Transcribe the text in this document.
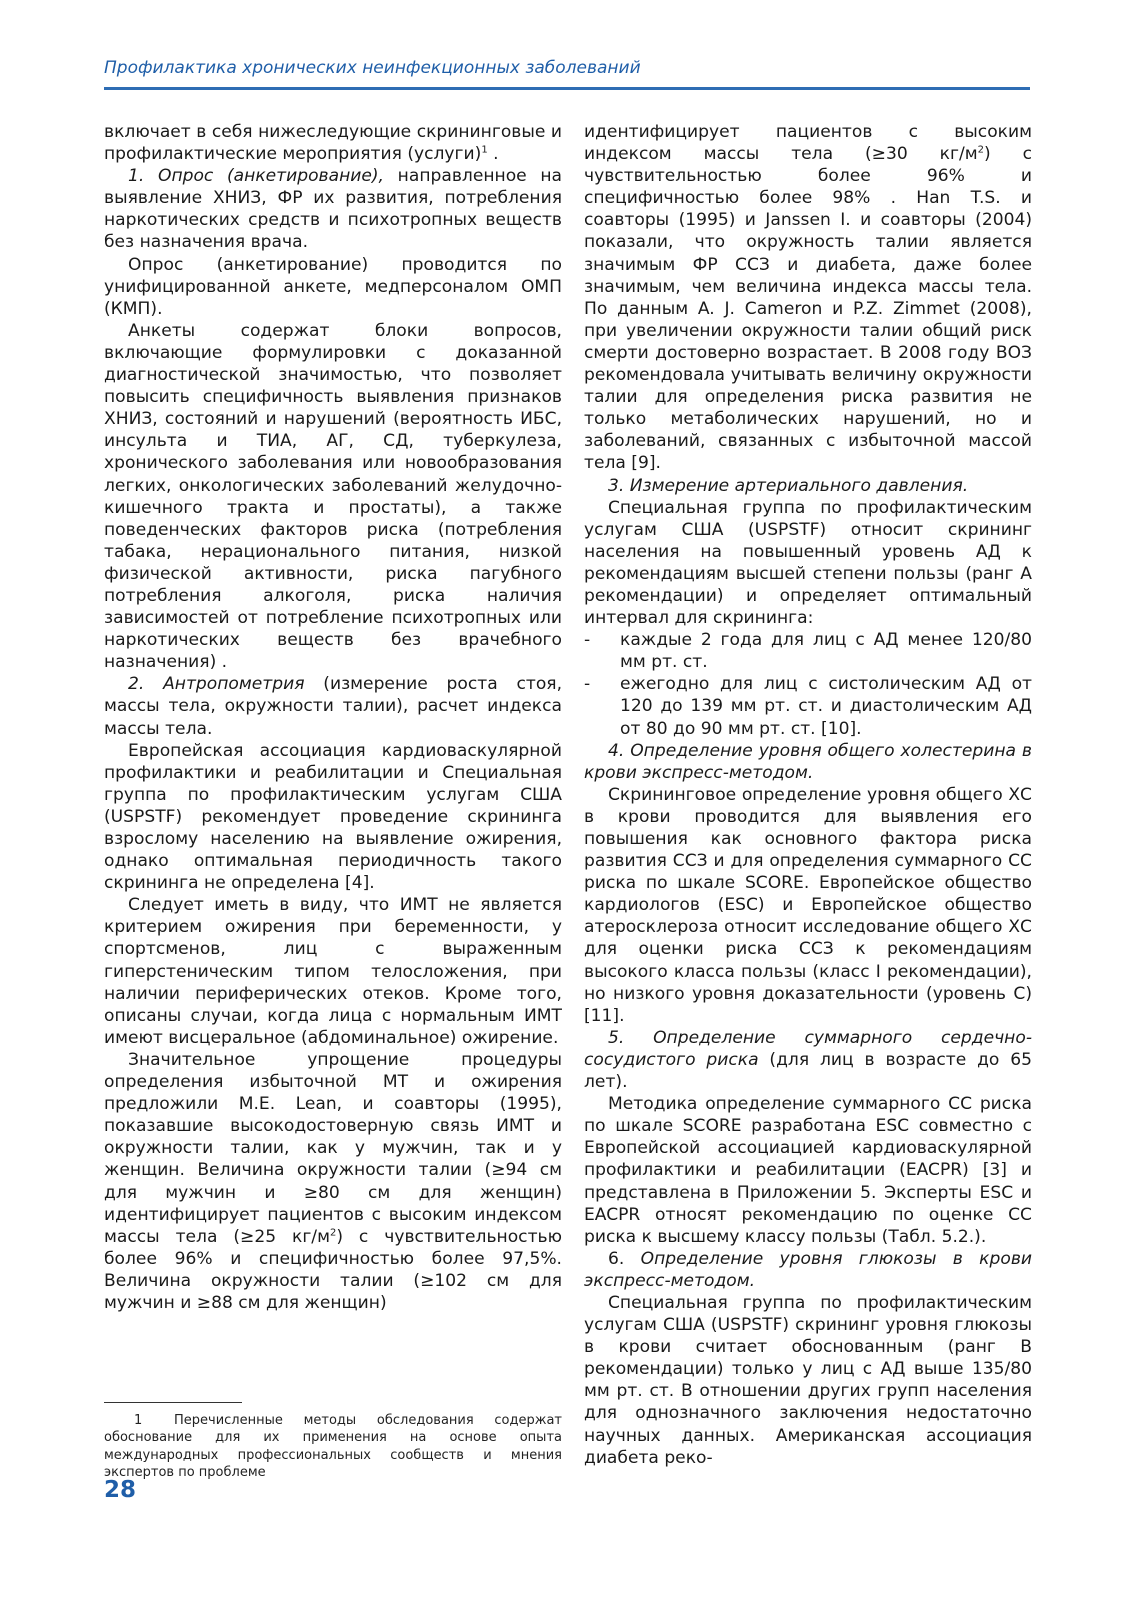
Профилактика хронических неинфекционных заболеваний

включает в себя нижеследующие скрининговые и профилактические мероприятия (услуги)$^1$ .

1. Опрос (анкетирование), направленное на выявление ХНИЗ, ФР их развития, потребления наркотических средств и психотропных веществ без назначения врача.

Опрос (анкетирование) проводится по унифицированной анкете, медперсоналом ОМП (КМП).

Анкеты содержат блоки вопросов, включающие формулировки с доказанной диагностической значимостью, что позволяет повысить специфичность выявления признаков ХНИЗ, состояний и нарушений (вероятность ИБС, инсульта и ТИА, АГ, СД, туберкулеза, хронического заболевания или новообразования легких, онкологических заболеваний желудочно-кишечного тракта и простаты), а также поведенческих факторов риска (потребления табака, нерационального питания, низкой физической активности, риска пагубного потребления алкоголя, риска наличия зависимостей от потребление психотропных или наркотических веществ без врачебного назначения) .

2. Антропометрия (измерение роста стоя, массы тела, окружности талии), расчет индекса массы тела.

Европейская ассоциация кардиоваскулярной профилактики и реабилитации и Специальная группа по профилактическим услугам США (USPSTF) рекомендует проведение скрининга взрослому населению на выявление ожирения, однако оптимальная периодичность такого скрининга не определена [4].

Следует иметь в виду, что ИМТ не является критерием ожирения при беременности, у спортсменов, лиц с выраженным гиперстеническим типом телосложения, при наличии периферических отеков. Кроме того, описаны случаи, когда лица с нормальным ИМТ имеют висцеральное (абдоминальное) ожирение.

Значительное упрощение процедуры определения избыточной МТ и ожирения предложили M.E. Lean, и соавторы (1995), показавшие высокодостоверную связь ИМТ и окружности талии, как у мужчин, так и у женщин. Величина окружности талии (≥94 см для мужчин и ≥80 см для женщин) идентифицирует пациентов с высоким индексом массы тела (≥25 $кг/м^2$) с чувствительностью более 96% и специфичностью более 97,5%. Величина окружности талии (≥102 см для мужчин и ≥88 см для женщин)

идентифицирует пациентов с высоким индексом массы тела (≥30 $кг/м^2$) с чувствительностью более 96% и специфичностью более 98% . Han T.S. и соавторы (1995) и Janssen I. и соавторы (2004) показали, что окружность талии является значимым ФР ССЗ и диабета, даже более значимым, чем величина индекса массы тела. По данным A. J. Cameron и P.Z. Zimmet (2008), при увеличении окружности талии общий риск смерти достоверно возрастает. В 2008 году ВОЗ рекомендовала учитывать величину окружности талии для определения риска развития не только метаболических нарушений, но и заболеваний, связанных с избыточной массой тела [9].

3. Измерение артериального давления.

Специальная группа по профилактическим услугам США (USPSTF) относит скрининг населения на повышенный уровень АД к рекомендациям высшей степени пользы (ранг А рекомендации) и определяет оптимальный интервал для скрининга:

- каждые 2 года для лиц с АД менее 120/80 мм рт. ст.

- ежегодно для лиц с систолическим АД от 120 до 139 мм рт. ст. и диастолическим АД от 80 до 90 мм рт. ст. [10].

4. Определение уровня общего холестерина в крови экспресс-методом.

Скрининговое определение уровня общего ХС в крови проводится для выявления его повышения как основного фактора риска развития ССЗ и для определения суммарного СС риска по шкале SCORE. Европейское общество кардиологов (ESC) и Европейское общество атеросклероза относит исследование общего ХС для оценки риска ССЗ к рекомендациям высокого класса пользы (класс I рекомендации), но низкого уровня доказательности (уровень С) [11].

5. Определение суммарного сердечно-сосудистого риска (для лиц в возрасте до 65 лет).

Методика определение суммарного СС риска по шкале SCORE разработана ESC совместно с Европейской ассоциацией кардиоваскулярной профилактики и реабилитации (EACPR) [3] и представлена в Приложении 5. Эксперты ESC и EACPR относят рекомендацию по оценке СС риска к высшему классу пользы (Табл. 5.2.).

6. Определение уровня глюкозы в крови экспресс-методом.

Специальная группа по профилактическим услугам США (USPSTF) скрининг уровня глюкозы в крови считает обоснованным (ранг В рекомендации) только у лиц с АД выше 135/80 мм рт. ст. В отношении других групп населения для однозначного заключения недостаточно научных данных. Американская ассоциация диабета реко-

1 Перечисленные методы обследования содержат обоснование для их применения на основе опыта международных профессиональных сообществ и мнения экспертов по проблеме
28
